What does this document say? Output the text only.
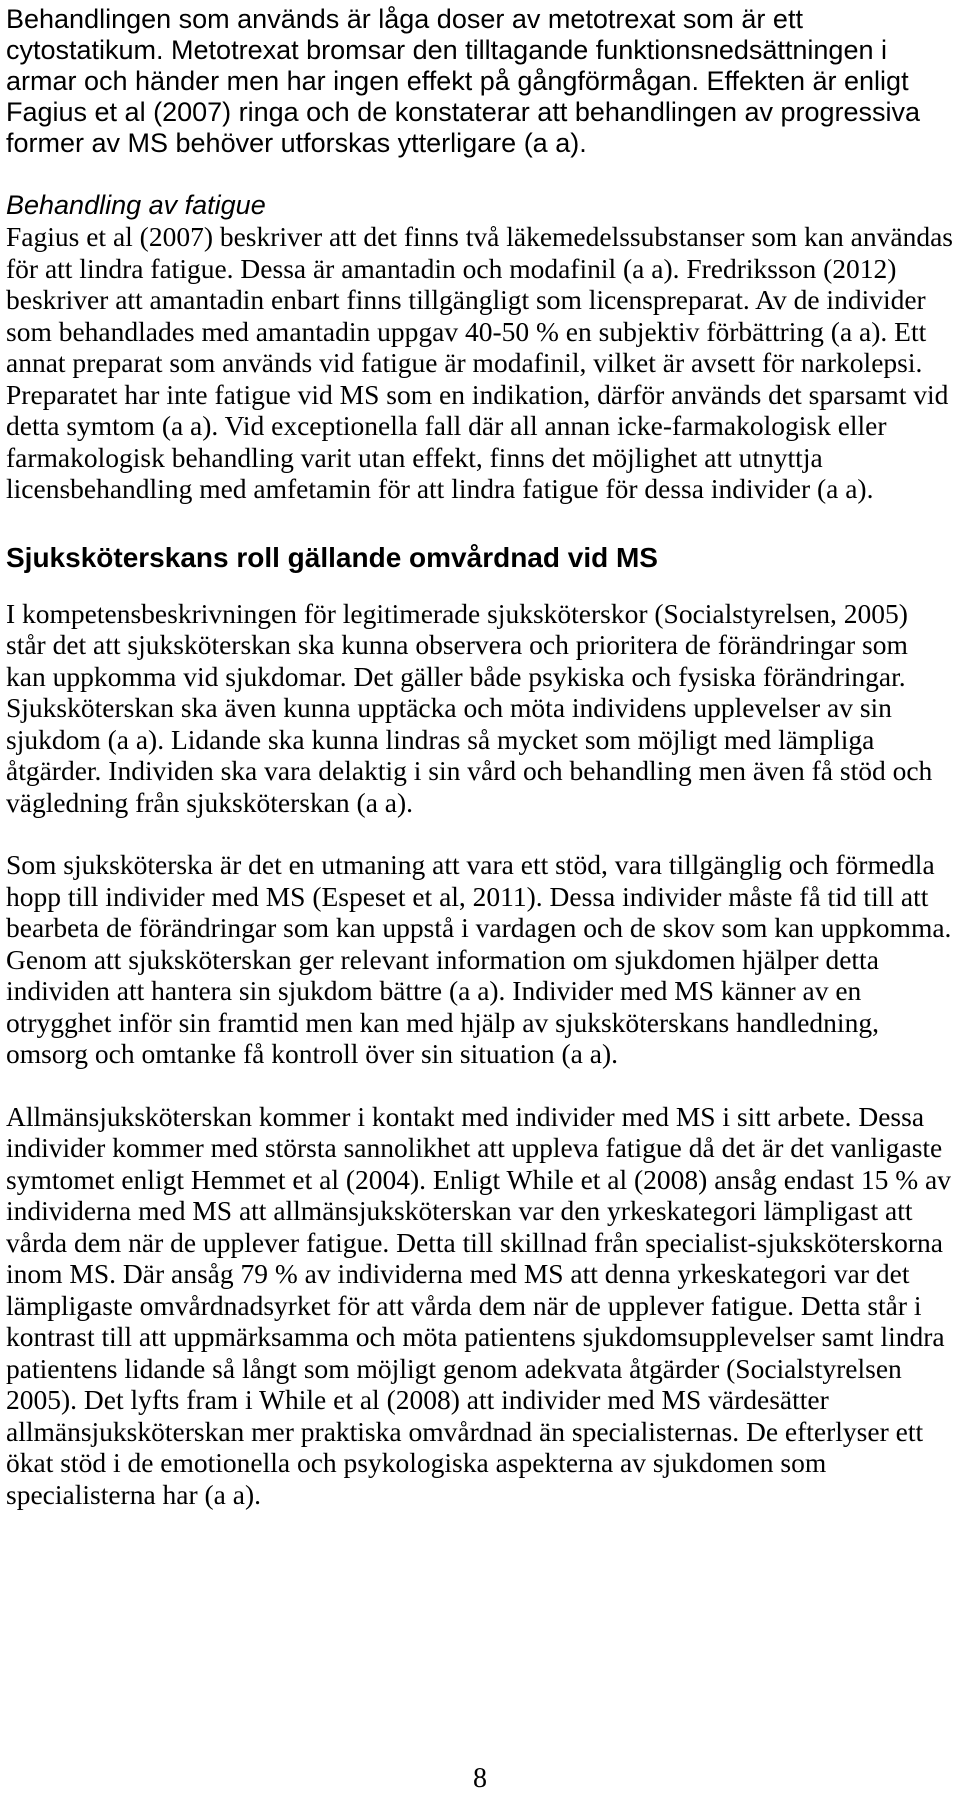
Behandlingen som används är låga doser av metotrexat som är ett cytostatikum. Metotrexat bromsar den tilltagande funktionsnedsättningen i armar och händer men har ingen effekt på gångförmågan. Effekten är enligt Fagius et al (2007) ringa och de konstaterar att behandlingen av progressiva former av MS behöver utforskas ytterligare (a a).

Behandling av fatigue

Fagius et al (2007) beskriver att det finns två läkemedelssubstanser som kan användas för att lindra fatigue. Dessa är amantadin och modafinil (a a). Fredriksson (2012) beskriver att amantadin enbart finns tillgängligt som licenspreparat. Av de individer som behandlades med amantadin uppgav 40-50 % en subjektiv förbättring (a a). Ett annat preparat som används vid fatigue är modafinil, vilket är avsett för narkolepsi. Preparatet har inte fatigue vid MS som en indikation, därför används det sparsamt vid detta symtom (a a). Vid exceptionella fall där all annan icke-farmakologisk eller farmakologisk behandling varit utan effekt, finns det möjlighet att utnyttja licensbehandling med amfetamin för att lindra fatigue för dessa individer (a a).

Sjuksköterskans roll gällande omvårdnad vid MS

I kompetensbeskrivningen för legitimerade sjuksköterskor (Socialstyrelsen, 2005) står det att sjuksköterskan ska kunna observera och prioritera de förändringar som kan uppkomma vid sjukdomar. Det gäller både psykiska och fysiska förändringar. Sjuksköterskan ska även kunna upptäcka och möta individens upplevelser av sin sjukdom (a a). Lidande ska kunna lindras så mycket som möjligt med lämpliga åtgärder. Individen ska vara delaktig i sin vård och behandling men även få stöd och vägledning från sjuksköterskan (a a).

Som sjuksköterska är det en utmaning att vara ett stöd, vara tillgänglig och förmedla hopp till individer med MS (Espeset et al, 2011). Dessa individer måste få tid till att bearbeta de förändringar som kan uppstå i vardagen och de skov som kan uppkomma. Genom att sjuksköterskan ger relevant information om sjukdomen hjälper detta individen att hantera sin sjukdom bättre (a a). Individer med MS känner av en otrygghet inför sin framtid men kan med hjälp av sjuksköterskans handledning, omsorg och omtanke få kontroll över sin situation (a a).

Allmänsjuksköterskan kommer i kontakt med individer med MS i sitt arbete. Dessa individer kommer med största sannolikhet att uppleva fatigue då det är det vanligaste symtomet enligt Hemmet et al (2004). Enligt While et al (2008) ansåg endast 15 % av individerna med MS att allmänsjuksköterskan var den yrkeskategori lämpligast att vårda dem när de upplever fatigue. Detta till skillnad från specialist-sjuksköterskorna inom MS. Där ansåg 79 % av individerna med MS att denna yrkeskategori var det lämpligaste omvårdnadsyrket för att vårda dem när de upplever fatigue. Detta står i kontrast till att uppmärksamma och möta patientens sjukdomsupplevelser samt lindra patientens lidande så långt som möjligt genom adekvata åtgärder (Socialstyrelsen 2005). Det lyfts fram i While et al (2008) att individer med MS värdesätter allmänsjuksköterskan mer praktiska omvårdnad än specialisternas. De efterlyser ett ökat stöd i de emotionella och psykologiska aspekterna av sjukdomen som specialisterna har (a a).

8
